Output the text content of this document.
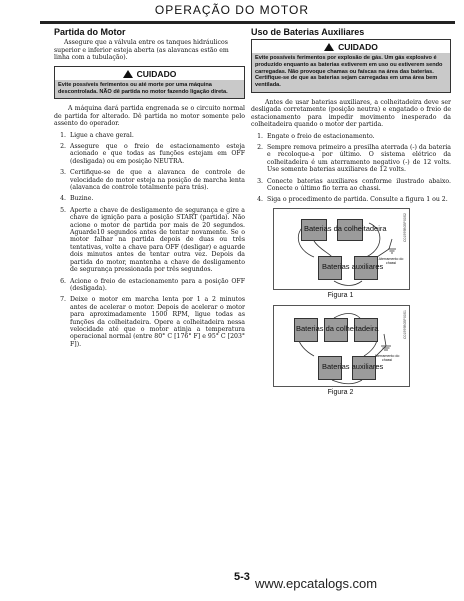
OPERAÇÃO DO MOTOR
Partida do Motor

Assegure que a válvula entre os tanques hidráulicos superior e inferior esteja aberta (as alavancas estão em linha com a tubulação).

CUIDADO
Evite possíveis ferimentos ou até morte por uma máquina descontrolada. NÃO dê partida no motor fazendo ligação direta.

A máquina dará partida engrenada se o circuito normal de partida for alterado. Dê partida no motor somente pelo assento do operador.

1. Ligue a chave geral.
2. Assegure que o freio de estacionamento esteja acionado e que todas as funções estejam em OFF (desligada) ou em posição NEUTRA.
3. Certifique-se de que a alavanca de controle de velocidade do motor esteja na posição de marcha lenta (alavanca de controle totalmente para trás).
4. Buzine.
5. Aperte a chave de desligamento de segurança e gire a chave de ignição para a posição START (partida). Não acione o motor de partida por mais de 20 segundos. Aguarde10 segundos antes de tentar novamente. Se o motor falhar na partida depois de duas ou três tentativas, volte a chave para OFF (desligar) e aguarde dois minutos antes de tentar outra vez. Depois da partida do motor, mantenha a chave de desligamento de segurança pressionada por três segundos.
6. Acione o freio de estacionamento para a posição OFF (desligada).
7. Deixe o motor em marcha lenta por 1 a 2 minutos antes de acelerar o motor. Depois de acelerar o motor para aproximadamente 1500 RPM, ligue todas as funções da colheitadeira. Opere a colheitadeira nessa velocidade até que o motor atinja a temperatura operacional normal (entre 80° C [176° F] e 95° C [203° F]).
Uso de Baterias Auxiliares
CUIDADO
Evite possíveis ferimentos por explosão de gás. Um gás explosivo é produzido enquanto as baterias estiverem em uso ou estiverem sendo carregadas. Não provoque chamas ou faíscas na área das baterias. Certifique-se de que as baterias sejam carregadas em uma área bem ventilada.

Antes de usar baterias auxiliares, a colheitadeira deve ser desligada corretamente (posição neutra) e engatado o freio de estacionamento para impedir movimento inesperado da colheitadeira quando o motor der partida.

1. Engate o freio de estacionamento.
2. Sempre remova primeiro a presilha aterrada (-) da bateria e recoloque-a por último. O sistema elétrico da colheitadeira é um aterramento negativo (-) de 12 volts. Use somente baterias auxiliares de 12 volts.
3. Conecte baterias auxiliares conforme ilustrado abaixo. Conecte o último fio terra ao chassi.
4. Siga o procedimento de partida. Consulte a figura 1 ou 2.
Baterias da colheitadeira
Baterias auxiliares
Aterramento do chassi
C01999B05P00S2
Figura 1
Baterias da colheitadeira
Baterias auxiliares
Aterramento do chassi
C01999B05P00S1
Figura 2
5-3 www.epcatalogs.com
